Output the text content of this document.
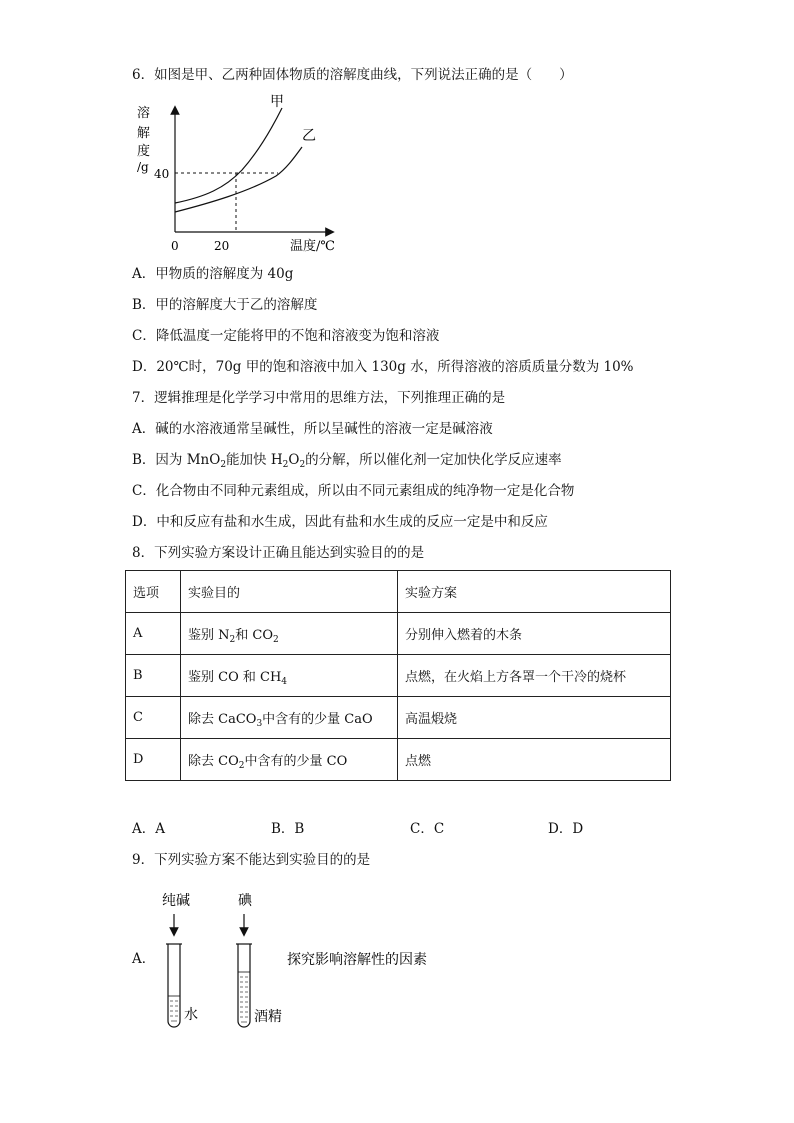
6．如图是甲、乙两种固体物质的溶解度曲线，下列说法正确的是（　　）
溶
解
度
/g 40
0	20	温度/℃
甲
乙
A．甲物质的溶解度为 40g
B．甲的溶解度大于乙的溶解度
C．降低温度一定能将甲的不饱和溶液变为饱和溶液
D．20℃时，70g 甲的饱和溶液中加入 130g 水，所得溶液的溶质质量分数为 10%
7．逻辑推理是化学学习中常用的思维方法，下列推理正确的是
A．碱的水溶液通常呈碱性，所以呈碱性的溶液一定是碱溶液
B．因为 MnO$_2$能加快 $H_2O_2$的分解，所以催化剂一定加快化学反应速率
C．化合物由不同种元素组成，所以由不同元素组成的纯净物一定是化合物
D．中和反应有盐和水生成，因此有盐和水生成的反应一定是中和反应
8．下列实验方案设计正确且能达到实验目的的是
选项	实验目的	实验方案
A	鉴别 $N_2$和 $CO_2$	分别伸入燃着的木条
B	鉴别 CO 和 $CH_4$	点燃，在火焰上方各罩一个干冷的烧杯
C	除去 CaCO$_3$中含有的少量 CaO	高温煅烧
D	除去 $CO_2$中含有的少量 CO	点燃
A．A	B．B	C．C	D．D
9．下列实验方案不能达到实验目的的是
A．
纯碱	碘
水	酒精
探究影响溶解性的因素
